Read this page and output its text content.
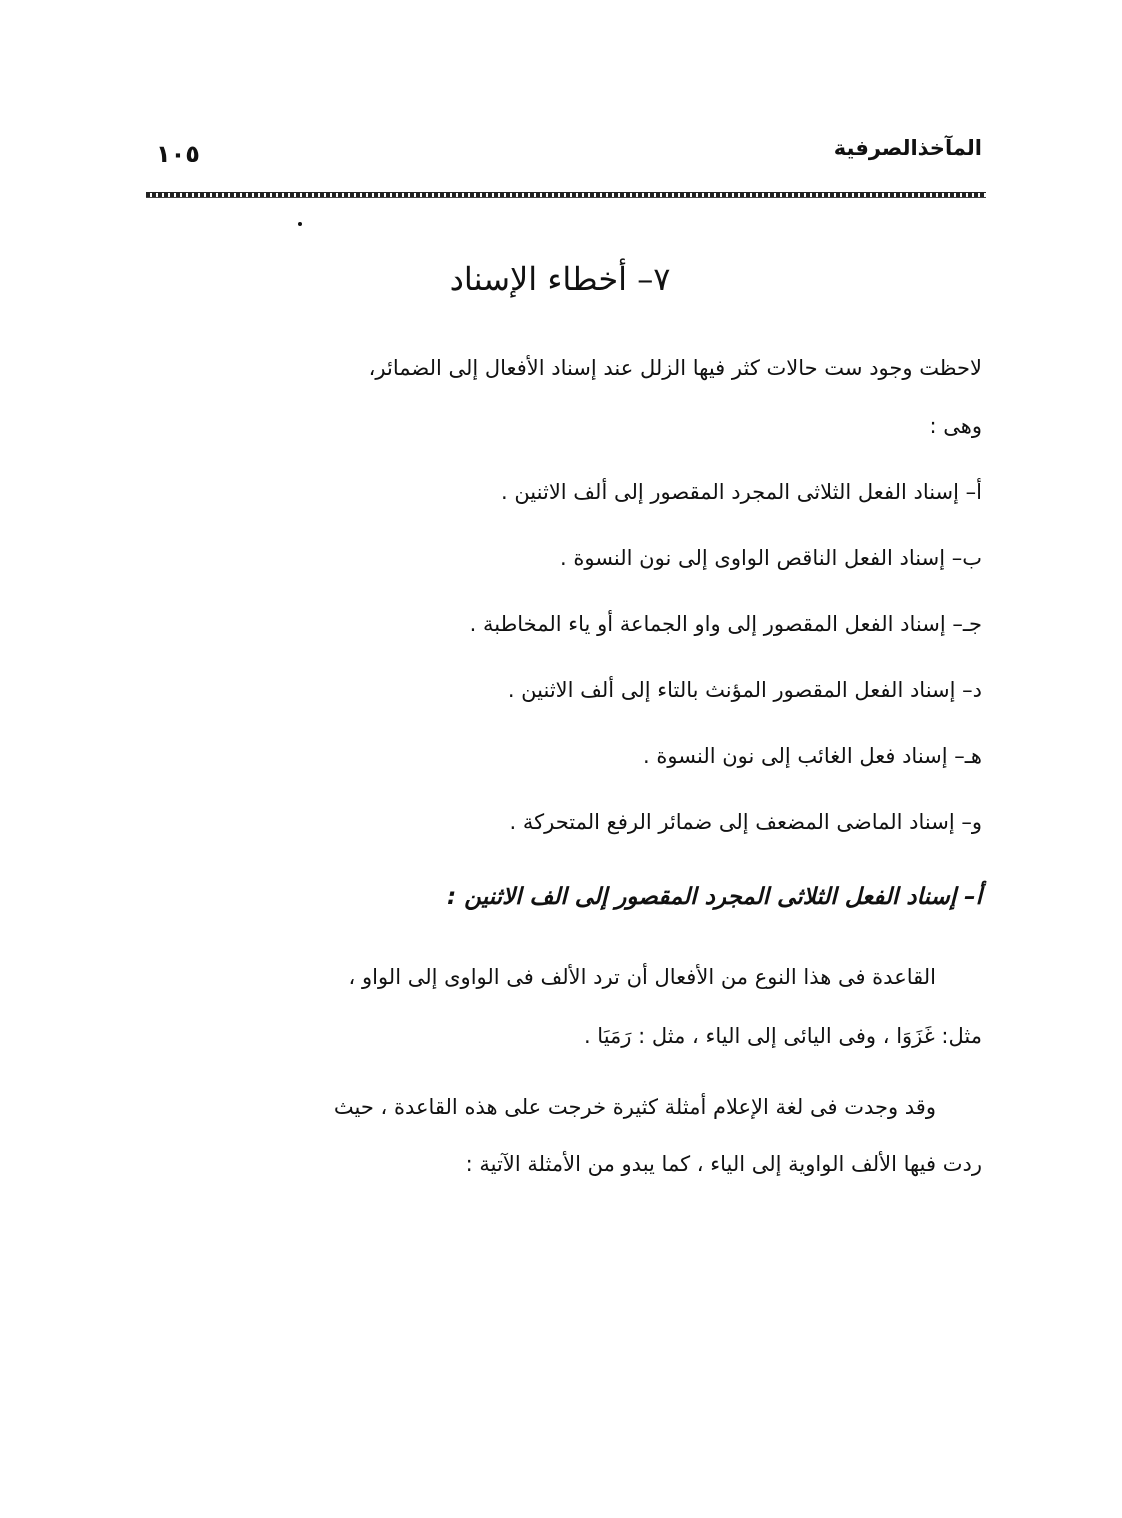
المآخذالصرفية
١٠٥
٧– أخطاء الإسناد
لاحظت وجود ست حالات كثر فيها الزلل عند إسناد الأفعال إلى الضمائر،
وهى :
أ– إسناد الفعل الثلاثى المجرد المقصور إلى ألف الاثنين .
ب– إسناد الفعل الناقص الواوى إلى نون النسوة .
جـ– إسناد الفعل المقصور إلى واو الجماعة أو ياء المخاطبة .
د– إسناد الفعل المقصور المؤنث بالتاء إلى ألف الاثنين .
هـ– إسناد فعل الغائب إلى نون النسوة .
و– إسناد الماضى المضعف إلى ضمائر الرفع المتحركة .
أ– إسناد الفعل الثلاثى المجرد المقصور إلى الف الاثنين :
القاعدة فى هذا النوع من الأفعال أن ترد الألف فى الواوى إلى الواو ،
مثل: غَزَوَا ، وفى اليائى إلى الياء ، مثل : رَمَيَا .
وقد وجدت فى لغة الإعلام أمثلة كثيرة خرجت على هذه القاعدة ، حيث
ردت فيها الألف الواوية إلى الياء ، كما يبدو من الأمثلة الآتية :
